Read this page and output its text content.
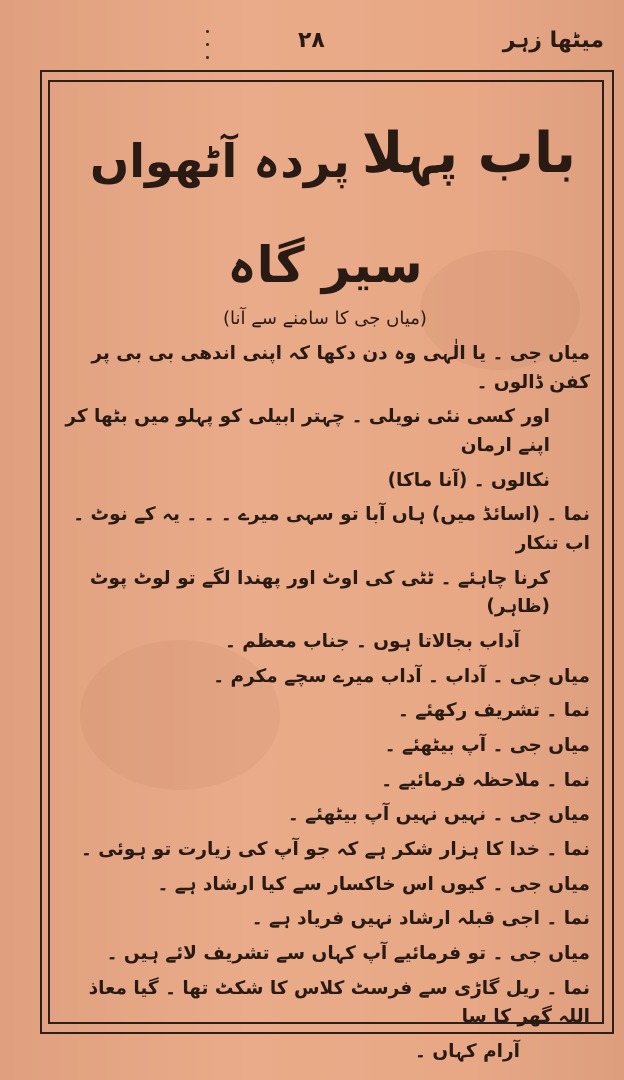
۲۸	میٹھا زہر
باب پہلا
پردہ آٹھواں
سیر گاہ
(میاں جی کا سامنے سے آنا)

میاں جی ۔ یا الٰہی وہ دن دکھا کہ اپنی اندھی بی بی پر کفن ڈالوں ۔

اور کسی نئی نویلی ۔ چہتر ابیلی کو پہلو میں بٹھا کر اپنے ارمان

نکالوں ۔ (آنا ماکا)

نما ۔ (اسائڈ میں) ہاں آبا تو سہی میرے ۔ ۔ ۔ یہ کے نوٹ ۔ اب تنکار

کرنا چاہئے ۔ ٹٹی کی اوٹ اور پھندا لگے تو لوٹ پوٹ (ظاہر)

آداب بجالاتا ہوں ۔ جناب معظم ۔

میاں جی ۔ آداب ۔ آداب میرے سچے مکرم ۔

نما ۔ تشریف رکھئے ۔

میاں جی ۔ آپ بیٹھئے ۔

نما ۔ ملاحظہ فرمائیے ۔

میاں جی ۔ نہیں نہیں آپ بیٹھئے ۔

نما ۔ خدا کا ہزار شکر ہے کہ جو آپ کی زیارت تو ہوئی ۔

میاں جی ۔ کیوں اس خاکسار سے کیا ارشاد ہے ۔

نما ۔ اجی قبلہ ارشاد نہیں فریاد ہے ۔

میاں جی ۔ تو فرمائیے آپ کہاں سے تشریف لائے ہیں ۔

نما ۔ ریل گاڑی سے فرسٹ کلاس کا شکٹ تھا ۔ گیا معاذ اللہ گھر کا سا

آرام کہاں ۔
